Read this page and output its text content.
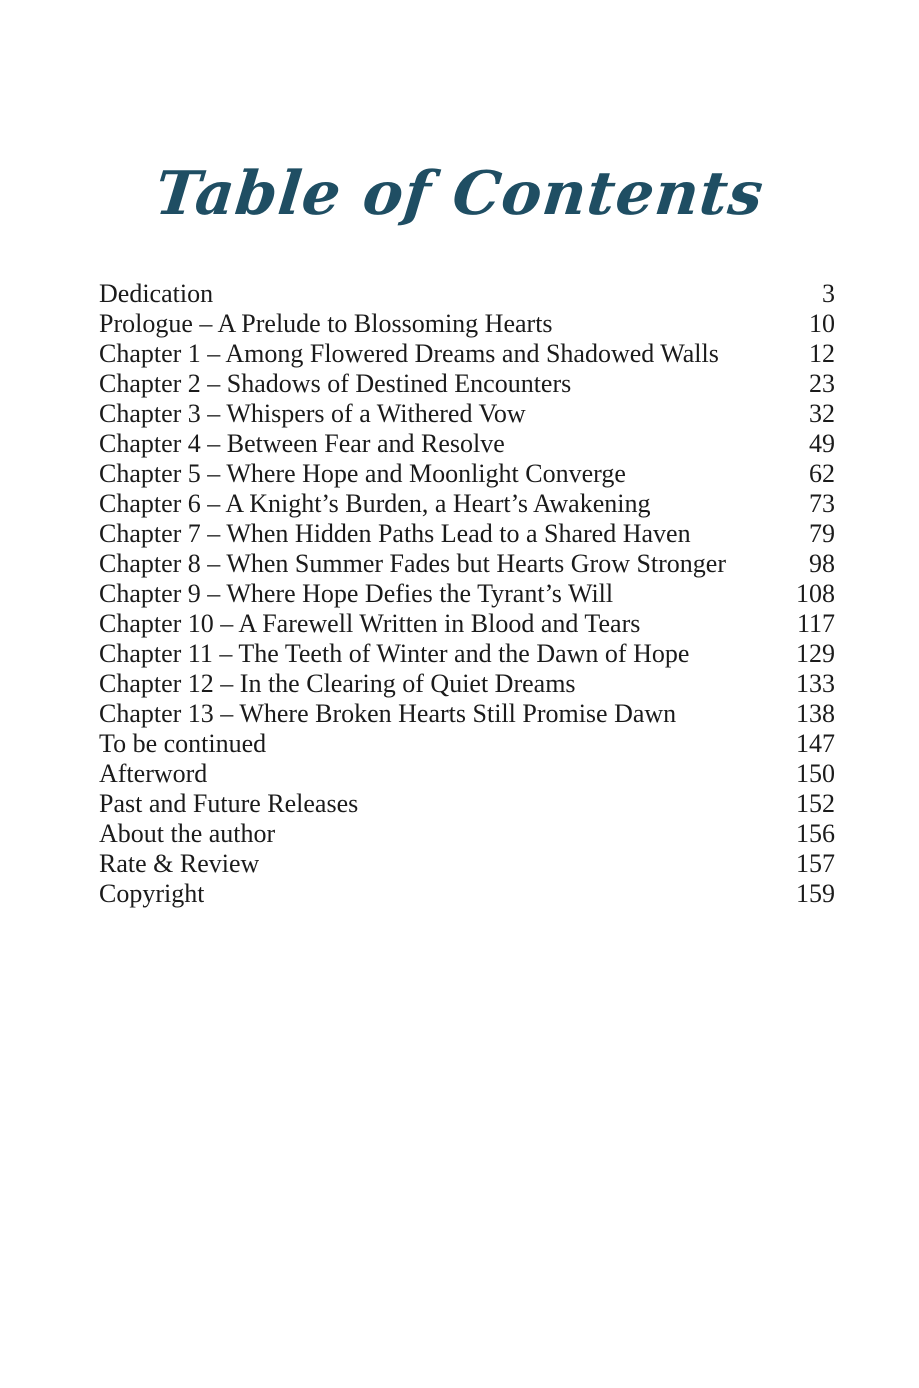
Table of Contents
Dedication	3
Prologue – A Prelude to Blossoming Hearts	10
Chapter 1 – Among Flowered Dreams and Shadowed Walls	12
Chapter 2 – Shadows of Destined Encounters	23
Chapter 3 – Whispers of a Withered Vow	32
Chapter 4 – Between Fear and Resolve	49
Chapter 5 – Where Hope and Moonlight Converge	62
Chapter 6 – A Knight’s Burden, a Heart’s Awakening	73
Chapter 7 – When Hidden Paths Lead to a Shared Haven	79
Chapter 8 – When Summer Fades but Hearts Grow Stronger	98
Chapter 9 – Where Hope Defies the Tyrant’s Will	108
Chapter 10 – A Farewell Written in Blood and Tears	117
Chapter 11 – The Teeth of Winter and the Dawn of Hope	129
Chapter 12 – In the Clearing of Quiet Dreams	133
Chapter 13 – Where Broken Hearts Still Promise Dawn	138
To be continued	147
Afterword	150
Past and Future Releases	152
About the author	156
Rate & Review	157
Copyright	159
